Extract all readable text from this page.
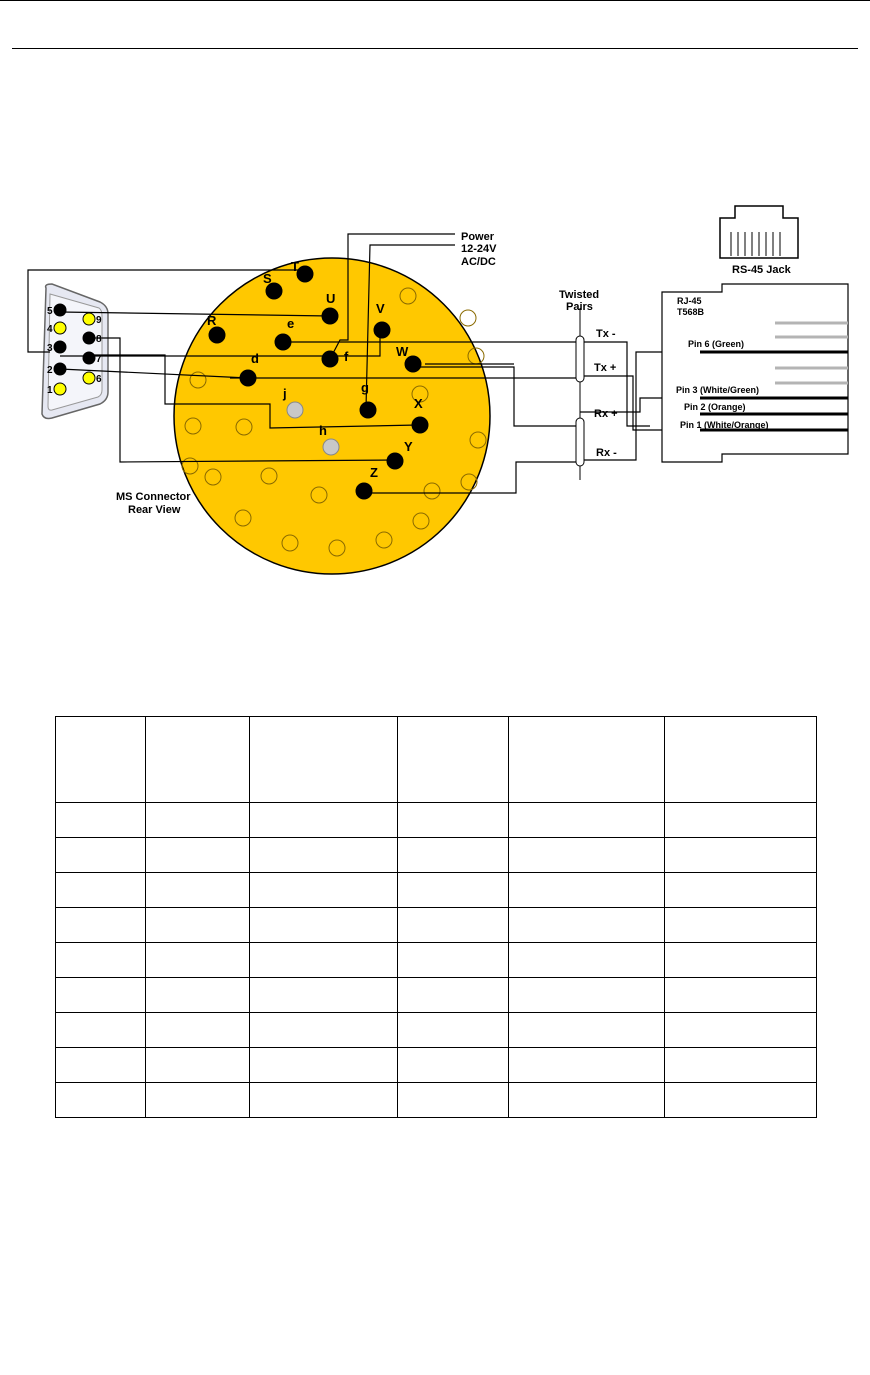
1
2
3
4
5
6
7
8
9
T
S
U
R	e
V
f	W
d
j	g
X
h
Y
Z
Power
12-24V
AC/DC
RS-45 Jack
Twisted
Pairs	RJ-45
T568B
Tx -
Tx +
Rx +
Rx -
Pin 6 (Green)
Pin 3 (White/Green)
Pin 2 (Orange)
Pin 1 (White/Orange)
MS Connector
Rear View
